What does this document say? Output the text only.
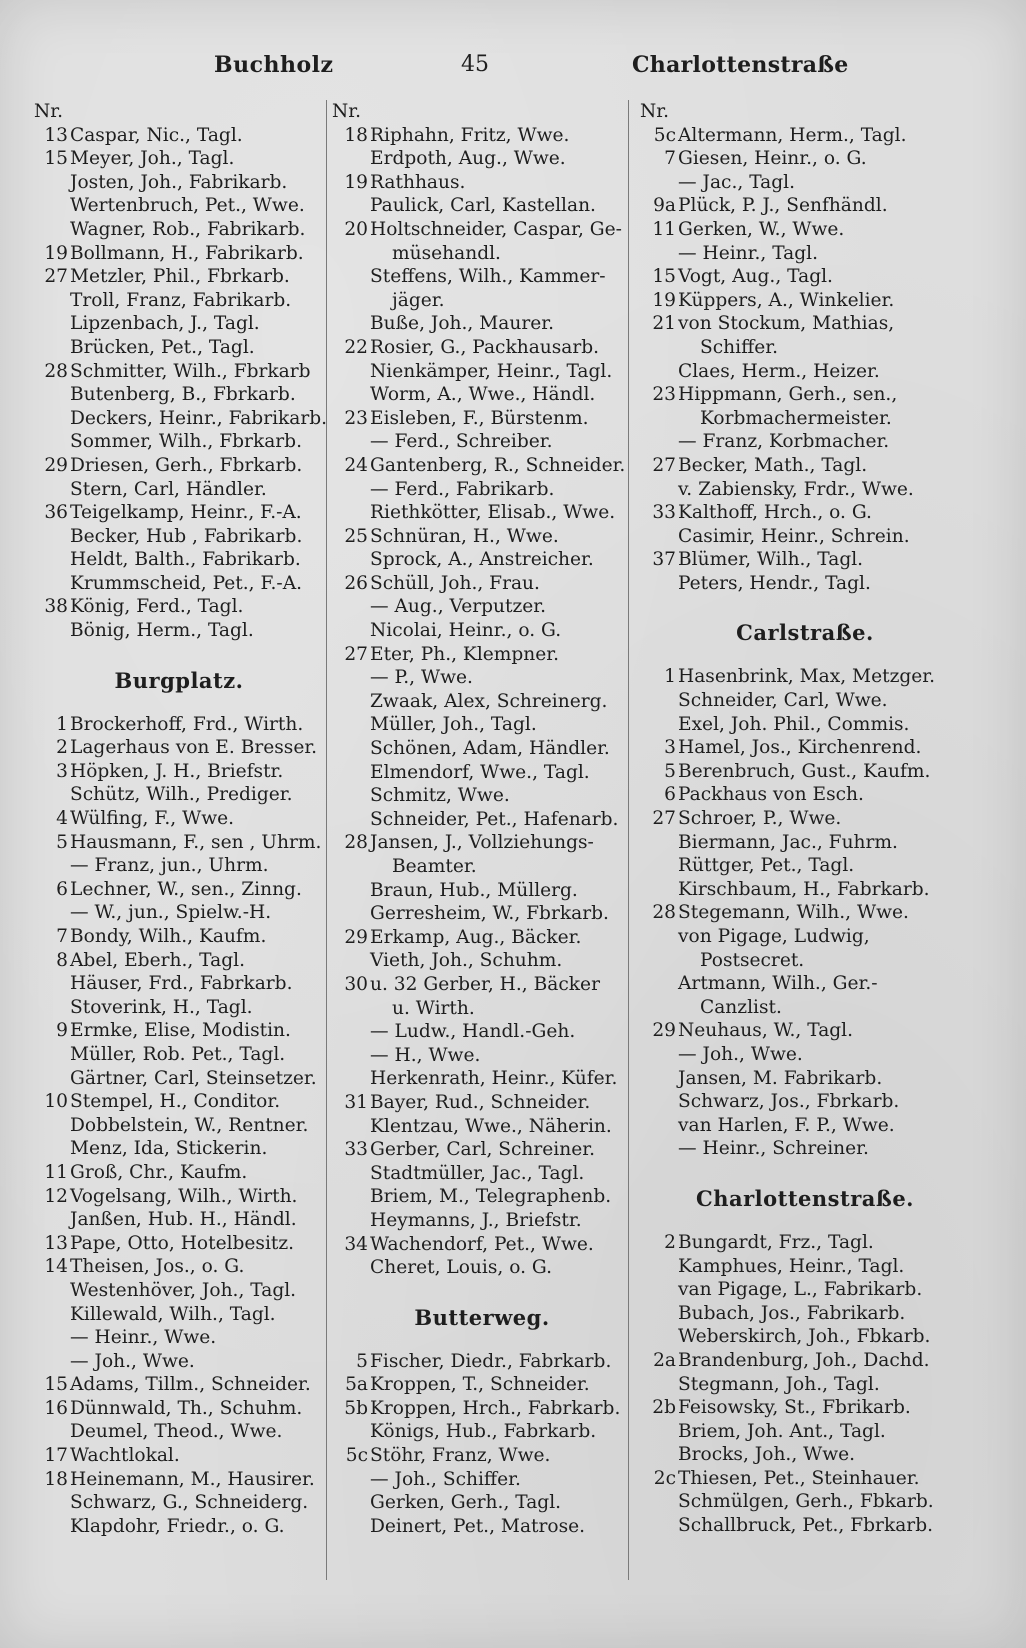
Buchholz	45	Charlottenstraße
Nr.
13 Caspar, Nic., Tagl.
15 Meyer, Joh., Tagl.
Josten, Joh., Fabrikarb.
Wertenbruch, Pet., Wwe.
Wagner, Rob., Fabrikarb.
19 Bollmann, H., Fabrikarb.
27 Metzler, Phil., Fbrkarb.
Troll, Franz, Fabrikarb.
Lipzenbach, J., Tagl.
Brücken, Pet., Tagl.
28 Schmitter, Wilh., Fbrkarb
Butenberg, B., Fbrkarb.
Deckers, Heinr., Fabrikarb.
Sommer, Wilh., Fbrkarb.
29 Driesen, Gerh., Fbrkarb.
Stern, Carl, Händler.
36 Teigelkamp, Heinr., F.-A.
Becker, Hub , Fabrikarb.
Heldt, Balth., Fabrikarb.
Krummscheid, Pet., F.-A.
38 König, Ferd., Tagl.
Bönig, Herm., Tagl.
Burgplatz.
1 Brockerhoff, Frd., Wirth.
2 Lagerhaus von E. Bresser.
3 Höpken, J. H., Briefstr.
Schütz, Wilh., Prediger.
4 Wülfing, F., Wwe.
5 Hausmann, F., sen , Uhrm.
— Franz, jun., Uhrm.
6 Lechner, W., sen., Zinng.
— W., jun., Spielw.-H.
7 Bondy, Wilh., Kaufm.
8 Abel, Eberh., Tagl.
Häuser, Frd., Fabrkarb.
Stoverink, H., Tagl.
9 Ermke, Elise, Modistin.
Müller, Rob. Pet., Tagl.
Gärtner, Carl, Steinsetzer.
10 Stempel, H., Conditor.
Dobbelstein, W., Rentner.
Menz, Ida, Stickerin.
11 Groß, Chr., Kaufm.
12 Vogelsang, Wilh., Wirth.
Janßen, Hub. H., Händl.
13 Pape, Otto, Hotelbesitz.
14 Theisen, Jos., o. G.
Westenhöver, Joh., Tagl.
Killewald, Wilh., Tagl.
— Heinr., Wwe.
— Joh., Wwe.
15 Adams, Tillm., Schneider.
16 Dünnwald, Th., Schuhm.
Deumel, Theod., Wwe.
17 Wachtlokal.
18 Heinemann, M., Hausirer.
Schwarz, G., Schneiderg.
Klapdohr, Friedr., o. G.
Nr.
18 Riphahn, Fritz, Wwe.
Erdpoth, Aug., Wwe.
19 Rathhaus.
Paulick, Carl, Kastellan.
20 Holtschneider, Caspar, Ge-
müsehandl.
Steffens, Wilh., Kammer-
jäger.
Buße, Joh., Maurer.
22 Rosier, G., Packhausarb.
Nienkämper, Heinr., Tagl.
Worm, A., Wwe., Händl.
23 Eisleben, F., Bürstenm.
— Ferd., Schreiber.
24 Gantenberg, R., Schneider.
— Ferd., Fabrikarb.
Riethkötter, Elisab., Wwe.
25 Schnüran, H., Wwe.
Sprock, A., Anstreicher.
26 Schüll, Joh., Frau.
— Aug., Verputzer.
Nicolai, Heinr., o. G.
27 Eter, Ph., Klempner.
— P., Wwe.
Zwaak, Alex, Schreinerg.
Müller, Joh., Tagl.
Schönen, Adam, Händler.
Elmendorf, Wwe., Tagl.
Schmitz, Wwe.
Schneider, Pet., Hafenarb.
28 Jansen, J., Vollziehungs-
Beamter.
Braun, Hub., Müllerg.
Gerresheim, W., Fbrkarb.
29 Erkamp, Aug., Bäcker.
Vieth, Joh., Schuhm.
30 u. 32 Gerber, H., Bäcker
u. Wirth.
— Ludw., Handl.-Geh.
— H., Wwe.
Herkenrath, Heinr., Küfer.
31 Bayer, Rud., Schneider.
Klentzau, Wwe., Näherin.
33 Gerber, Carl, Schreiner.
Stadtmüller, Jac., Tagl.
Briem, M., Telegraphenb.
Heymanns, J., Briefstr.
34 Wachendorf, Pet., Wwe.
Cheret, Louis, o. G.
Butterweg.
5 Fischer, Diedr., Fabrkarb.
5a Kroppen, T., Schneider.
5b Kroppen, Hrch., Fabrkarb.
Königs, Hub., Fabrkarb.
5c Stöhr, Franz, Wwe.
— Joh., Schiffer.
Gerken, Gerh., Tagl.
Deinert, Pet., Matrose.
Nr.
5c Altermann, Herm., Tagl.
7 Giesen, Heinr., o. G.
— Jac., Tagl.
9a Plück, P. J., Senfhändl.
11 Gerken, W., Wwe.
— Heinr., Tagl.
15 Vogt, Aug., Tagl.
19 Küppers, A., Winkelier.
21 von Stockum, Mathias,
Schiffer.
Claes, Herm., Heizer.
23 Hippmann, Gerh., sen.,
Korbmachermeister.
— Franz, Korbmacher.
27 Becker, Math., Tagl.
v. Zabiensky, Frdr., Wwe.
33 Kalthoff, Hrch., o. G.
Casimir, Heinr., Schrein.
37 Blümer, Wilh., Tagl.
Peters, Hendr., Tagl.
Carlstraße.
1 Hasenbrink, Max, Metzger.
Schneider, Carl, Wwe.
Exel, Joh. Phil., Commis.
3 Hamel, Jos., Kirchenrend.
5 Berenbruch, Gust., Kaufm.
6 Packhaus von Esch.
27 Schroer, P., Wwe.
Biermann, Jac., Fuhrm.
Rüttger, Pet., Tagl.
Kirschbaum, H., Fabrkarb.
28 Stegemann, Wilh., Wwe.
von Pigage, Ludwig,
Postsecret.
Artmann, Wilh., Ger.-
Canzlist.
29 Neuhaus, W., Tagl.
— Joh., Wwe.
Jansen, M. Fabrikarb.
Schwarz, Jos., Fbrkarb.
van Harlen, F. P., Wwe.
— Heinr., Schreiner.
Charlottenstraße.
2 Bungardt, Frz., Tagl.
Kamphues, Heinr., Tagl.
van Pigage, L., Fabrikarb.
Bubach, Jos., Fabrikarb.
Weberskirch, Joh., Fbkarb.
2a Brandenburg, Joh., Dachd.
Stegmann, Joh., Tagl.
2b Feisowsky, St., Fbrikarb.
Briem, Joh. Ant., Tagl.
Brocks, Joh., Wwe.
2c Thiesen, Pet., Steinhauer.
Schmülgen, Gerh., Fbkarb.
Schallbruck, Pet., Fbrkarb.
